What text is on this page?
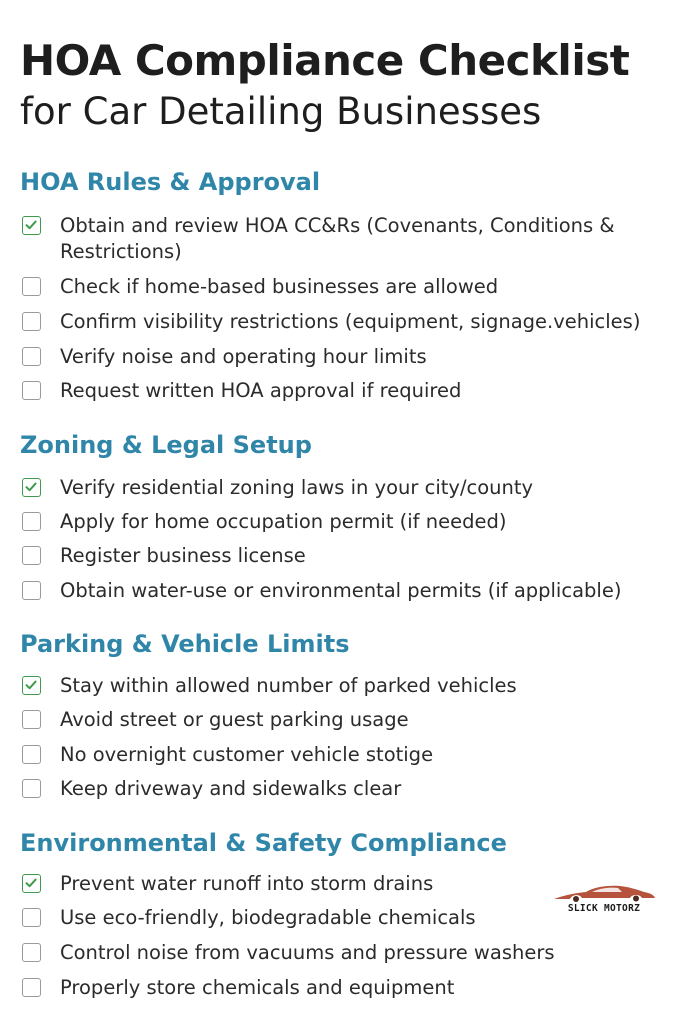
HOA Compliance Checklist
for Car Detailing Businesses
HOA Rules & Approval
Obtain and review HOA CC&Rs (Covenants, Conditions & Restrictions)
Check if home-based businesses are allowed
Confirm visibility restrictions (equipment, signage.vehicles)
Verify noise and operating hour limits
Request written HOA approval if required
Zoning & Legal Setup
Verify residential zoning laws in your city/county
Apply for home occupation permit (if needed)
Register business license
Obtain water-use or environmental permits (if applicable)
Parking & Vehicle Limits
Stay within allowed number of parked vehicles
Avoid street or guest parking usage
No overnight customer vehicle stotige
Keep driveway and sidewalks clear
Environmental & Safety Compliance
Prevent water runoff into storm drains
Use eco-friendly, biodegradable chemicals
Control noise from vacuums and pressure washers
Properly store chemicals and equipment
SLICK MOTORZ
